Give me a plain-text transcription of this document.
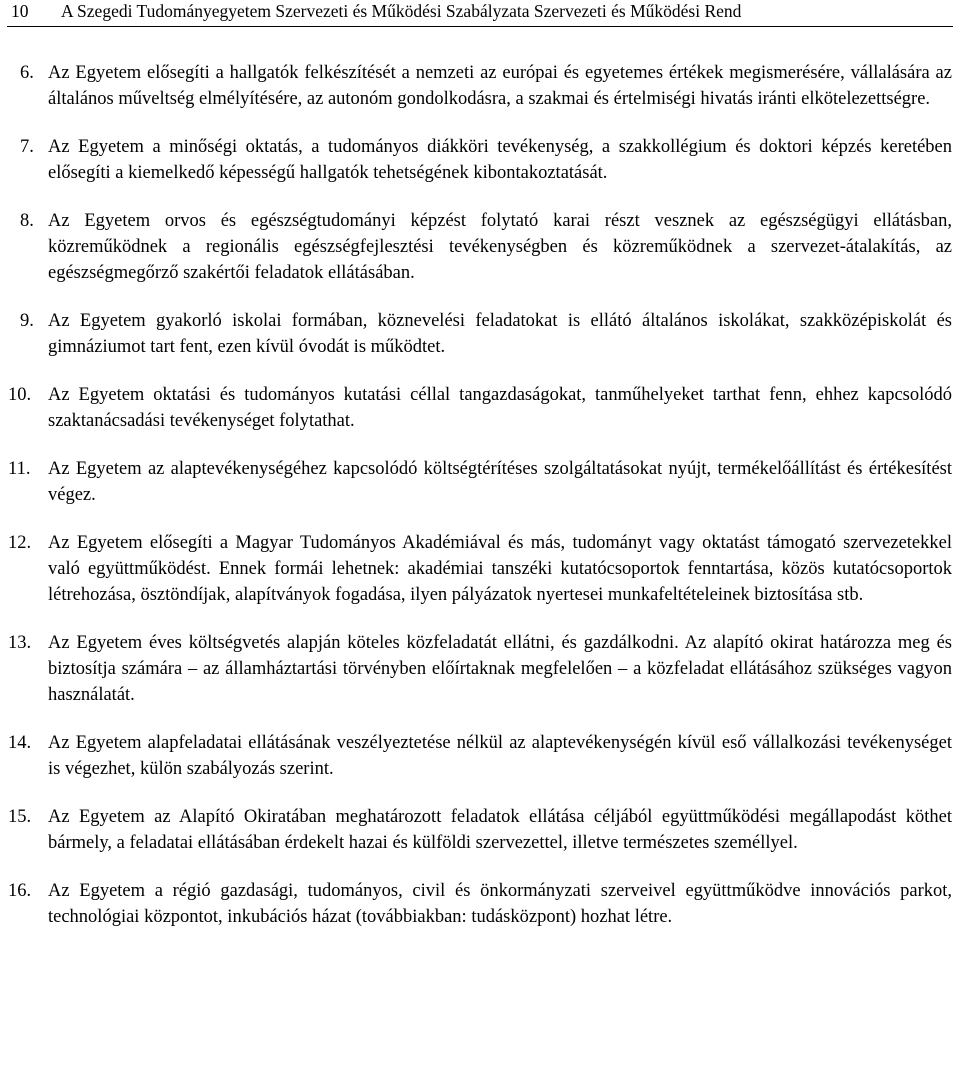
10	A Szegedi Tudományegyetem Szervezeti és Működési Szabályzata Szervezeti és Működési Rend

6. Az Egyetem elősegíti a hallgatók felkészítését a nemzeti az európai és egyetemes értékek megismerésére, vállalására az általános műveltség elmélyítésére, az autonóm gondolkodásra, a szakmai és értelmiségi hivatás iránti elkötelezettségre.

7. Az Egyetem a minőségi oktatás, a tudományos diákköri tevékenység, a szakkollégium és doktori képzés keretében elősegíti a kiemelkedő képességű hallgatók tehetségének kibontakoztatását.

8. Az Egyetem orvos és egészségtudományi képzést folytató karai részt vesznek az egészségügyi ellátásban, közreműködnek a regionális egészségfejlesztési tevékenységben és közreműködnek a szervezet-átalakítás, az egészségmegőrző szakértői feladatok ellátásában.

9. Az Egyetem gyakorló iskolai formában, köznevelési feladatokat is ellátó általános iskolákat, szakközépiskolát és gimnáziumot tart fent, ezen kívül óvodát is működtet.

10. Az Egyetem oktatási és tudományos kutatási céllal tangazdaságokat, tanműhelyeket tarthat fenn, ehhez kapcsolódó szaktanácsadási tevékenységet folytathat.

11. Az Egyetem az alaptevékenységéhez kapcsolódó költségtérítéses szolgáltatásokat nyújt, termékelőállítást és értékesítést végez.

12. Az Egyetem elősegíti a Magyar Tudományos Akadémiával és más, tudományt vagy oktatást támogató szervezetekkel való együttműködést. Ennek formái lehetnek: akadémiai tanszéki kutatócsoportok fenntartása, közös kutatócsoportok létrehozása, ösztöndíjak, alapítványok fogadása, ilyen pályázatok nyertesei munkafeltételeinek biztosítása stb.

13. Az Egyetem éves költségvetés alapján köteles közfeladatát ellátni, és gazdálkodni. Az alapító okirat határozza meg és biztosítja számára – az államháztartási törvényben előírtaknak megfelelően – a közfeladat ellátásához szükséges vagyon használatát.

14. Az Egyetem alapfeladatai ellátásának veszélyeztetése nélkül az alaptevékenységén kívül eső vállalkozási tevékenységet is végezhet, külön szabályozás szerint.

15. Az Egyetem az Alapító Okiratában meghatározott feladatok ellátása céljából együttműködési megállapodást köthet bármely, a feladatai ellátásában érdekelt hazai és külföldi szervezettel, illetve természetes személlyel.

16. Az Egyetem a régió gazdasági, tudományos, civil és önkormányzati szerveivel együttműködve innovációs parkot, technológiai központot, inkubációs házat (továbbiakban: tudásközpont) hozhat létre.
